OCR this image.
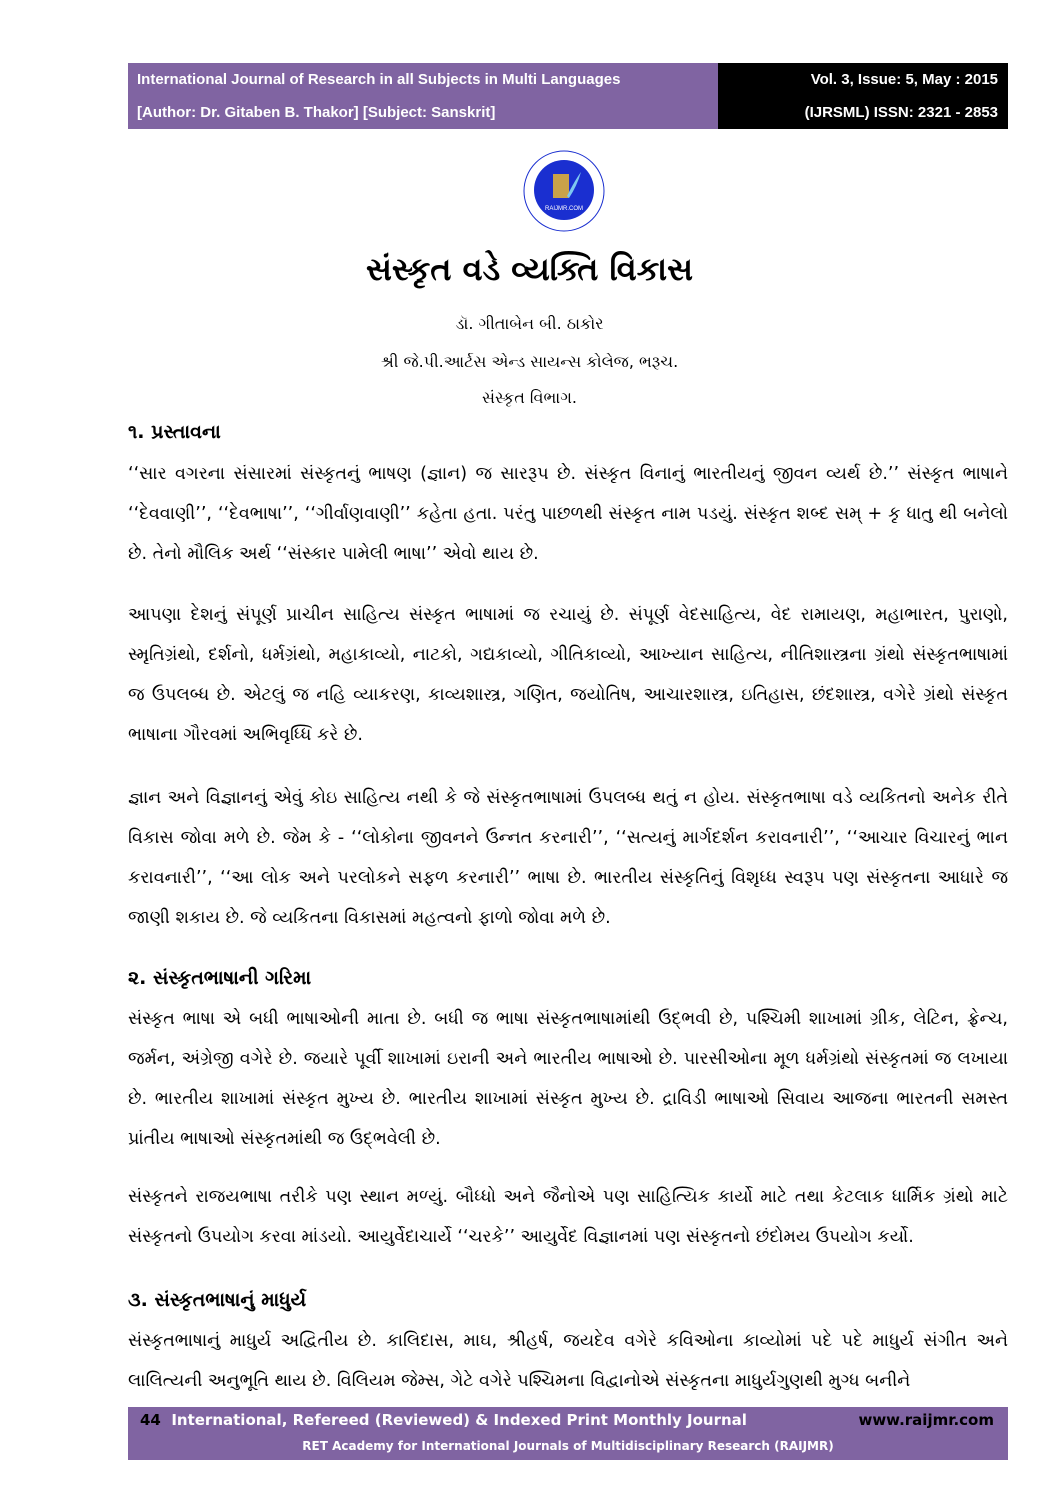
International Journal of Research in all Subjects in Multi Languages
[Author: Dr. Gitaben B. Thakor] [Subject: Sanskrit]
Vol. 3, Issue: 5, May : 2015
(IJRSML) ISSN: 2321 - 2853
RAIJMR.COM
સંસ્કૃત વડે વ્યક્તિ વિકાસ
ડૉ. ગીતાબેન બી. ઠાકોર
શ્રી જે.પી.આર્ટસ એન્ડ સાયન્સ કોલેજ, ભરૂચ.
સંસ્કૃત વિભાગ.
૧. પ્રસ્તાવના
‘‘સાર વગરના સંસારમાં સંસ્કૃતનું ભાષણ (જ્ઞાન) જ સારરૂપ છે. સંસ્કૃત વિનાનું ભારતીયનું જીવન વ્યર્થ છે.’’ સંસ્કૃત ભાષાને ‘‘દેવવાણી’’, ‘‘દેવભાષા’’, ‘‘ગીર્વાણવાણી’’ કહેતા હતા. પરંતુ પાછળથી સંસ્કૃત નામ પડયું. સંસ્કૃત શબ્દ સમ્ + કૃ ધાતુ થી બનેલો છે. તેનો મૌલિક અર્થ ‘‘સંસ્કાર પામેલી ભાષા’’ એવો થાય છે.
આપણા દેશનું સંપૂર્ણ પ્રાચીન સાહિત્ય સંસ્કૃત ભાષામાં જ રચાયું છે. સંપૂર્ણ વેદસાહિત્ય, વેદ રામાયણ, મહાભારત, પુરાણો, સ્મૃતિગ્રંથો, દર્શનો, ધર્મગ્રંથો, મહાકાવ્યો, નાટકો, ગદ્યકાવ્યો, ગીતિકાવ્યો, આખ્યાન સાહિત્ય, નીતિશાસ્ત્રના ગ્રંથો સંસ્કૃતભાષામાં જ ઉપલબ્ધ છે. એટલું જ નહિ વ્યાકરણ, કાવ્યશાસ્ત્ર, ગણિત, જયોતિષ, આચારશાસ્ત્ર, ઇતિહાસ, છંદશાસ્ત્ર, વગેરે ગ્રંથો સંસ્કૃત ભાષાના ગૌરવમાં અભિવૃધ્ધિ કરે છે.
જ્ઞાન અને વિજ્ઞાનનું એવું કોઇ સાહિત્ય નથી કે જે સંસ્કૃતભાષામાં ઉપલબ્ધ થતું ન હોય. સંસ્કૃતભાષા વડે વ્યકિતનો અનેક રીતે વિકાસ જોવા મળે છે. જેમ કે - ‘‘લોકોના જીવનને ઉન્નત કરનારી’’, ‘‘સત્યનું માર્ગદર્શન કરાવનારી’’, ‘‘આચાર વિચારનું ભાન કરાવનારી’’, ‘‘આ લોક અને પરલોકને સફળ કરનારી’’ ભાષા છે. ભારતીય સંસ્કૃતિનું વિશૃધ્ધ સ્વરૂપ પણ સંસ્કૃતના આધારે જ જાણી શકાય છે. જે વ્યકિતના વિકાસમાં મહત્વનો ફાળો જોવા મળે છે.
૨. સંસ્કૃતભાષાની ગરિમા
સંસ્કૃત ભાષા એ બધી ભાષાઓની માતા છે. બધી જ ભાષા સંસ્કૃતભાષામાંથી ઉદ્ભવી છે, પશ્ચિમી શાખામાં ગ્રીક, લેટિન, ફ્રેન્ચ, જર્મન, અંગ્રેજી વગેરે છે. જયારે પૂર્વી શાખામાં ઇરાની અને ભારતીય ભાષાઓ છે. પારસીઓના મૂળ ધર્મગ્રંથો સંસ્કૃતમાં જ લખાયા છે. ભારતીય શાખામાં સંસ્કૃત મુખ્ય છે. ભારતીય શાખામાં સંસ્કૃત મુખ્ય છે. દ્રાવિડી ભાષાઓ સિવાય આજના ભારતની સમસ્ત પ્રાંતીય ભાષાઓ સંસ્કૃતમાંથી જ ઉદ્ભવેલી છે.
સંસ્કૃતને રાજયભાષા તરીકે પણ સ્થાન મળ્યું. બૌધ્ધો અને જૈનોએ પણ સાહિત્યિક કાર્યો માટે તથા કેટલાક ધાર્મિક ગ્રંથો માટે સંસ્કૃતનો ઉપયોગ કરવા માંડયો. આયુર્વેદાચાર્યે ‘‘ચરકે’’ આયુર્વેદ વિજ્ઞાનમાં પણ સંસ્કૃતનો છંદોમય ઉપયોગ કર્યો.
૩. સંસ્કૃતભાષાનું માધુર્ય
સંસ્કૃતભાષાનું માધુર્ય અદ્વિતીય છે. કાલિદાસ, માઘ, શ્રીહર્ષ, જયદેવ વગેરે કવિઓના કાવ્યોમાં પદે પદે માધુર્ય સંગીત અને લાલિત્યની અનુભૂતિ થાય છે. વિલિયમ જેમ્સ, ગેટે વગેરે પશ્ચિમના વિદ્વાનોએ સંસ્કૃતના માધુર્યગુણથી મુગ્ધ બનીને
44 International, Refereed (Reviewed) & Indexed Print Monthly Journal	www.raijmr.com
RET Academy for International Journals of Multidisciplinary Research (RAIJMR)
